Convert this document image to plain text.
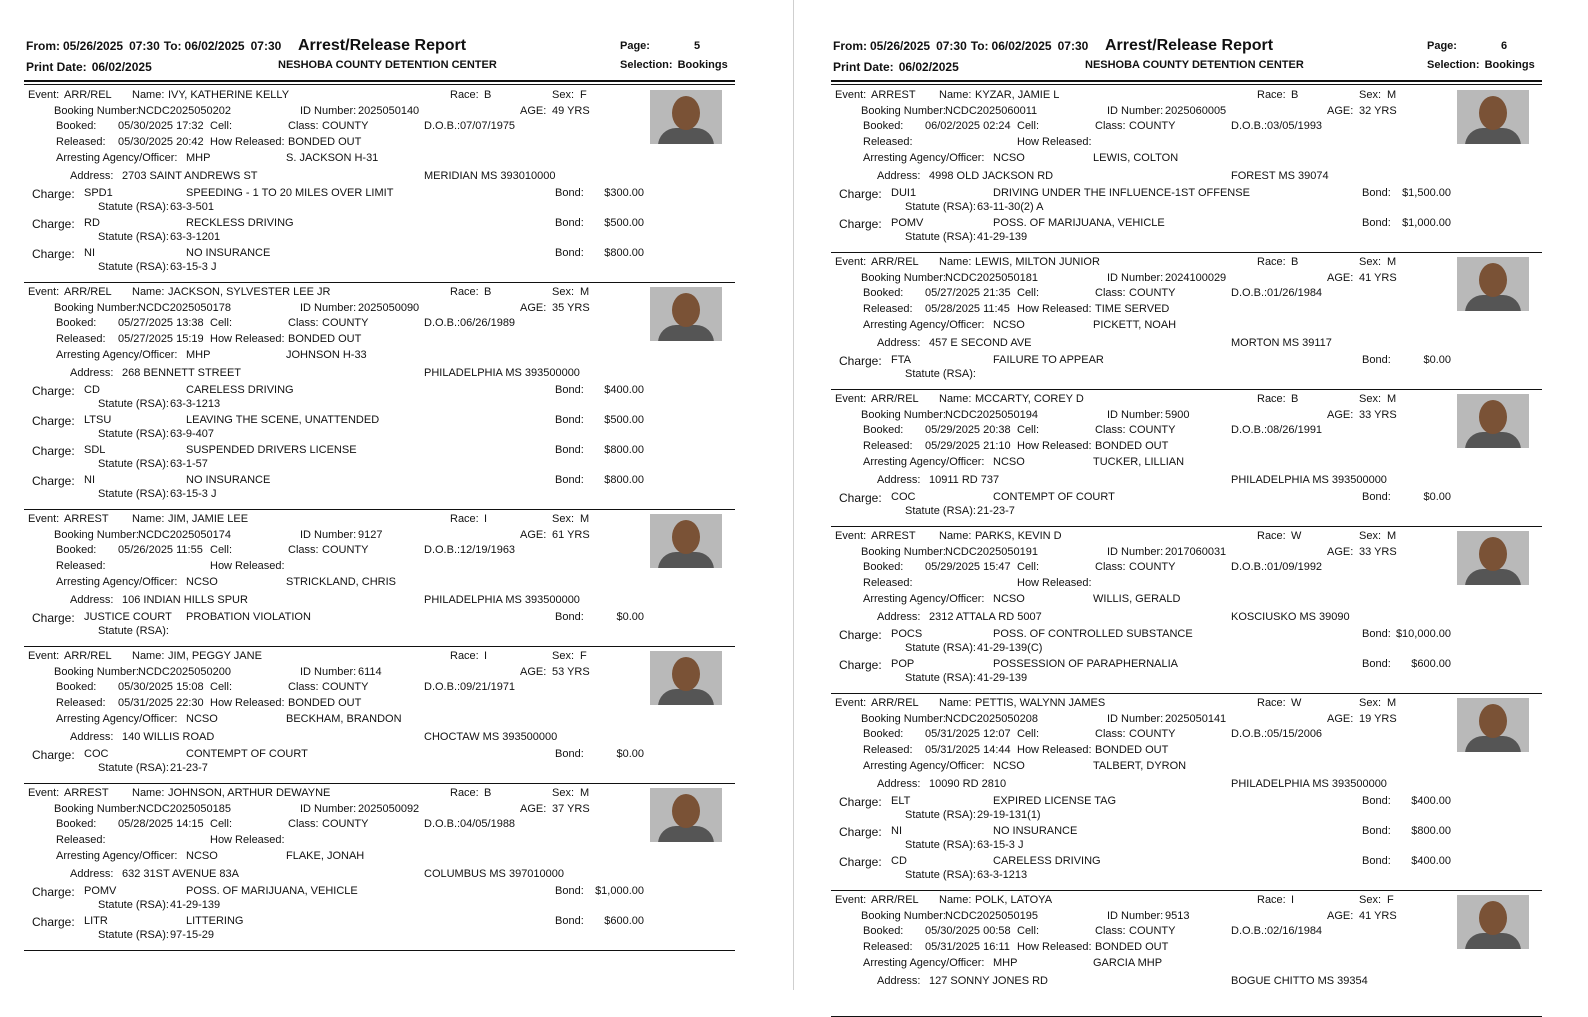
From: 05/26/2025 07:30 To: 06/02/2025 07:30 Arrest/Release Report	Page:	5
Print Date: 06/02/2025	NESHOBA COUNTY DETENTION CENTER	Selection: Bookings
Event: ARR/REL Name: IVY, KATHERINE KELLY	Race: B	Sex: F
Booking Number: NCDC2025050202	ID Number: 2025050140	AGE: 49 YRS
Booked: 05/30/2025 17:32 Cell:	Class: COUNTY	D.O.B.: 07/07/1975
Released: 05/30/2025 20:42 How Released: BONDED OUT
Arresting Agency/Officer: MHP	S. JACKSON H-31
Address: 2703 SAINT ANDREWS ST	MERIDIAN MS 393010000
Charge: SPD1	SPEEDING - 1 TO 20 MILES OVER LIMIT	Bond: $300.00
Statute (RSA): 63-3-501
Charge: RD	RECKLESS DRIVING	Bond: $500.00
Statute (RSA): 63-3-1201
Charge: NI	NO INSURANCE	Bond: $800.00
Statute (RSA): 63-15-3 J
Event: ARR/REL Name: JACKSON, SYLVESTER LEE JR	Race: B	Sex: M
Booking Number: NCDC2025050178	ID Number: 2025050090	AGE: 35 YRS
Booked: 05/27/2025 13:38 Cell:	Class: COUNTY	D.O.B.: 06/26/1989
Released: 05/27/2025 15:19 How Released: BONDED OUT
Arresting Agency/Officer: MHP	JOHNSON H-33
Address: 268 BENNETT STREET	PHILADELPHIA MS 393500000
Charge: CD	CARELESS DRIVING	Bond: $400.00
Statute (RSA): 63-3-1213
Charge: LTSU	LEAVING THE SCENE, UNATTENDED	Bond: $500.00
Statute (RSA): 63-9-407
Charge: SDL	SUSPENDED DRIVERS LICENSE	Bond: $800.00
Statute (RSA): 63-1-57
Charge: NI	NO INSURANCE	Bond: $800.00
Statute (RSA): 63-15-3 J
Event: ARREST Name: JIM, JAMIE LEE	Race: I	Sex: M
Booking Number: NCDC2025050174	ID Number: 9127	AGE: 61 YRS
Booked: 05/26/2025 11:55 Cell:	Class: COUNTY	D.O.B.: 12/19/1963
Released:	How Released:
Arresting Agency/Officer: NCSO	STRICKLAND, CHRIS
Address: 106 INDIAN HILLS SPUR	PHILADELPHIA MS 393500000
Charge: JUSTICE COURT PROBATION VIOLATION	Bond:	$0.00
Statute (RSA):
Event: ARR/REL Name: JIM, PEGGY JANE	Race: I	Sex: F
Booking Number: NCDC2025050200	ID Number: 6114	AGE: 53 YRS
Booked: 05/30/2025 15:08 Cell:	Class: COUNTY	D.O.B.: 09/21/1971
Released: 05/31/2025 22:30 How Released: BONDED OUT
Arresting Agency/Officer: NCSO	BECKHAM, BRANDON
Address: 140 WILLIS ROAD	CHOCTAW MS 393500000
Charge: COC	CONTEMPT OF COURT	Bond:	$0.00
Statute (RSA): 21-23-7
Event: ARREST Name: JOHNSON, ARTHUR DEWAYNE	Race: B	Sex: M
Booking Number: NCDC2025050185	ID Number: 2025050092	AGE: 37 YRS
Booked: 05/28/2025 14:15 Cell:	Class: COUNTY	D.O.B.: 04/05/1988
Released:	How Released:
Arresting Agency/Officer: NCSO	FLAKE, JONAH
Address: 632 31ST AVENUE 83A	COLUMBUS MS 397010000
Charge: POMV	POSS. OF MARIJUANA, VEHICLE	Bond: $1,000.00
Statute (RSA): 41-29-139
Charge: LITR	LITTERING	Bond: $600.00
Statute (RSA): 97-15-29
From: 05/26/2025 07:30 To: 06/02/2025 07:30 Arrest/Release Report	Page:	6
Print Date: 06/02/2025	NESHOBA COUNTY DETENTION CENTER	Selection: Bookings
Event: ARREST Name: KYZAR, JAMIE L	Race: B	Sex: M
Booking Number: NCDC2025060011	ID Number: 2025060005	AGE: 32 YRS
Booked: 06/02/2025 02:24 Cell:	Class: COUNTY	D.O.B.: 03/05/1993
Released:	How Released:
Arresting Agency/Officer: NCSO	LEWIS, COLTON
Address: 4998 OLD JACKSON RD	FOREST MS 39074
Charge: DUI1	DRIVING UNDER THE INFLUENCE-1ST OFFENSE	Bond: $1,500.00
Statute (RSA): 63-11-30(2) A
Charge: POMV	POSS. OF MARIJUANA, VEHICLE	Bond: $1,000.00
Statute (RSA): 41-29-139
Event: ARR/REL Name: LEWIS, MILTON JUNIOR	Race: B	Sex: M
Booking Number: NCDC2025050181	ID Number: 2024100029	AGE: 41 YRS
Booked: 05/27/2025 21:35 Cell:	Class: COUNTY	D.O.B.: 01/26/1984
Released: 05/28/2025 11:45 How Released: TIME SERVED
Arresting Agency/Officer: NCSO	PICKETT, NOAH
Address: 457 E SECOND AVE	MORTON MS 39117
Charge: FTA	FAILURE TO APPEAR	Bond:	$0.00
Statute (RSA):
Event: ARR/REL Name: MCCARTY, COREY D	Race: B	Sex: M
Booking Number: NCDC2025050194	ID Number: 5900	AGE: 33 YRS
Booked: 05/29/2025 20:38 Cell:	Class: COUNTY	D.O.B.: 08/26/1991
Released: 05/29/2025 21:10 How Released: BONDED OUT
Arresting Agency/Officer: NCSO	TUCKER, LILLIAN
Address: 10911 RD 737	PHILADELPHIA MS 393500000
Charge: COC	CONTEMPT OF COURT	Bond:	$0.00
Statute (RSA): 21-23-7
Event: ARREST Name: PARKS, KEVIN D	Race: W	Sex: M
Booking Number: NCDC2025050191	ID Number: 2017060031	AGE: 33 YRS
Booked: 05/29/2025 15:47 Cell:	Class: COUNTY	D.O.B.: 01/09/1992
Released:	How Released:
Arresting Agency/Officer: NCSO	WILLIS, GERALD
Address: 2312 ATTALA RD 5007	KOSCIUSKO MS 39090
Charge: POCS	POSS. OF CONTROLLED SUBSTANCE	Bond: $10,000.00
Statute (RSA): 41-29-139(C)
Charge: POP	POSSESSION OF PARAPHERNALIA	Bond: $600.00
Statute (RSA): 41-29-139
Event: ARR/REL Name: PETTIS, WALYNN JAMES	Race: W	Sex: M
Booking Number: NCDC2025050208	ID Number: 2025050141	AGE: 19 YRS
Booked: 05/31/2025 12:07 Cell:	Class: COUNTY	D.O.B.: 05/15/2006
Released: 05/31/2025 14:44 How Released: BONDED OUT
Arresting Agency/Officer: NCSO	TALBERT, DYRON
Address: 10090 RD 2810	PHILADELPHIA MS 393500000
Charge: ELT	EXPIRED LICENSE TAG	Bond: $400.00
Statute (RSA): 29-19-131(1)
Charge: NI	NO INSURANCE	Bond: $800.00
Statute (RSA): 63-15-3 J
Charge: CD	CARELESS DRIVING	Bond: $400.00
Statute (RSA): 63-3-1213
Event: ARR/REL Name: POLK, LATOYA	Race: I	Sex: F
Booking Number: NCDC2025050195	ID Number: 9513	AGE: 41 YRS
Booked: 05/30/2025 00:58 Cell:	Class: COUNTY	D.O.B.: 02/16/1984
Released: 05/31/2025 16:11 How Released: BONDED OUT
Arresting Agency/Officer: MHP	GARCIA MHP
Address: 127 SONNY JONES RD	BOGUE CHITTO MS 39354
